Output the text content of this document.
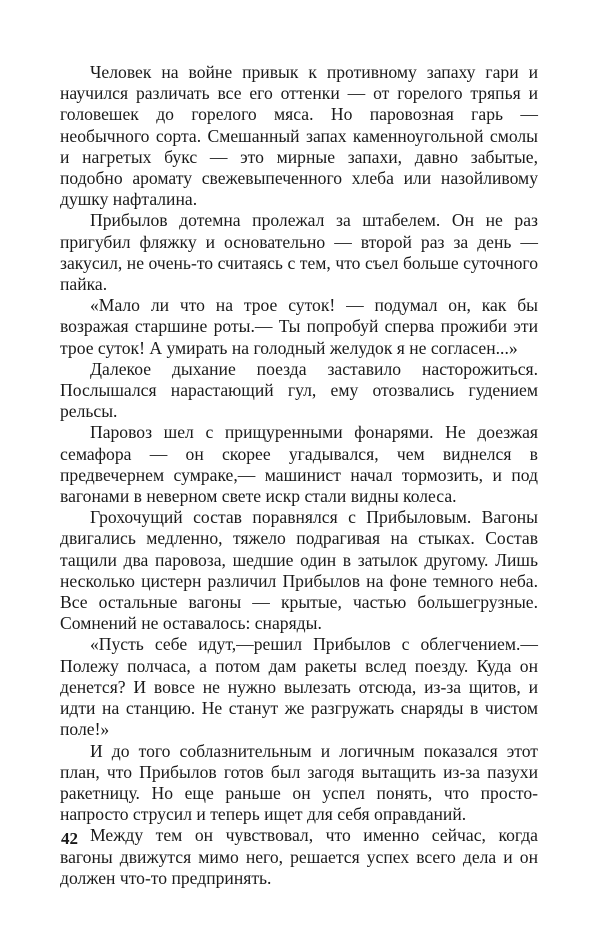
Человек на войне привык к противному запаху гари и научился различать все его оттенки — от горелого тряпья и головешек до горелого мяса. Но паровозная гарь — необычного сорта. Смешанный запах каменноугольной смолы и нагретых букс — это мирные запахи, давно забытые, подобно аромату свежевыпеченного хлеба или назойливому душку нафталина.

Прибылов дотемна пролежал за штабелем. Он не раз пригубил фляжку и основательно — второй раз за день — закусил, не очень-то считаясь с тем, что съел больше суточного пайка.

«Мало ли что на трое суток! — подумал он, как бы возражая старшине роты.— Ты попробуй сперва прожиби эти трое суток! А умирать на голодный желудок я не согласен...»

Далекое дыхание поезда заставило насторожиться. Послышался нарастающий гул, ему отозвались гудением рельсы.

Паровоз шел с прищуренными фонарями. Не доезжая семафора — он скорее угадывался, чем виднелся в предвечернем сумраке,— машинист начал тормозить, и под вагонами в неверном свете искр стали видны колеса.

Грохочущий состав поравнялся с Прибыловым. Вагоны двигались медленно, тяжело подрагивая на стыках. Состав тащили два паровоза, шедшие один в затылок другому. Лишь несколько цистерн различил Прибылов на фоне темного неба. Все остальные вагоны — крытые, частью большегрузные. Сомнений не оставалось: снаряды.

«Пусть себе идут,—решил Прибылов с облегчением.— Полежу полчаса, а потом дам ракеты вслед поезду. Куда он денется? И вовсе не нужно вылезать отсюда, из-за щитов, и идти на станцию. Не станут же разгружать снаряды в чистом поле!»

И до того соблазнительным и логичным показался этот план, что Прибылов готов был загодя вытащить из-за пазухи ракетницу. Но еще раньше он успел понять, что просто-напросто струсил и теперь ищет для себя оправданий.

Между тем он чувствовал, что именно сейчас, когда вагоны движутся мимо него, решается успех всего дела и он должен что-то предпринять.

42
